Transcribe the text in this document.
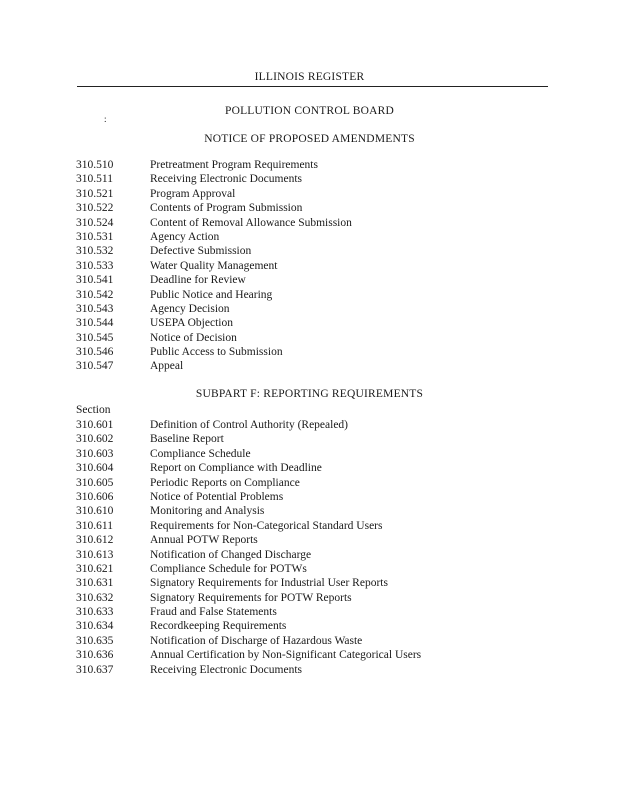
ILLINOIS REGISTER
POLLUTION CONTROL BOARD
:
NOTICE OF PROPOSED AMENDMENTS
310.510	Pretreatment Program Requirements
310.511	Receiving Electronic Documents
310.521	Program Approval
310.522	Contents of Program Submission
310.524	Content of Removal Allowance Submission
310.531	Agency Action
310.532	Defective Submission
310.533	Water Quality Management
310.541	Deadline for Review
310.542	Public Notice and Hearing
310.543	Agency Decision
310.544	USEPA Objection
310.545	Notice of Decision
310.546	Public Access to Submission
310.547	Appeal
SUBPART F: REPORTING REQUIREMENTS
Section
310.601	Definition of Control Authority (Repealed)
310.602	Baseline Report
310.603	Compliance Schedule
310.604	Report on Compliance with Deadline
310.605	Periodic Reports on Compliance
310.606	Notice of Potential Problems
310.610	Monitoring and Analysis
310.611	Requirements for Non-Categorical Standard Users
310.612	Annual POTW Reports
310.613	Notification of Changed Discharge
310.621	Compliance Schedule for POTWs
310.631	Signatory Requirements for Industrial User Reports
310.632	Signatory Requirements for POTW Reports
310.633	Fraud and False Statements
310.634	Recordkeeping Requirements
310.635	Notification of Discharge of Hazardous Waste
310.636	Annual Certification by Non-Significant Categorical Users
310.637	Receiving Electronic Documents
